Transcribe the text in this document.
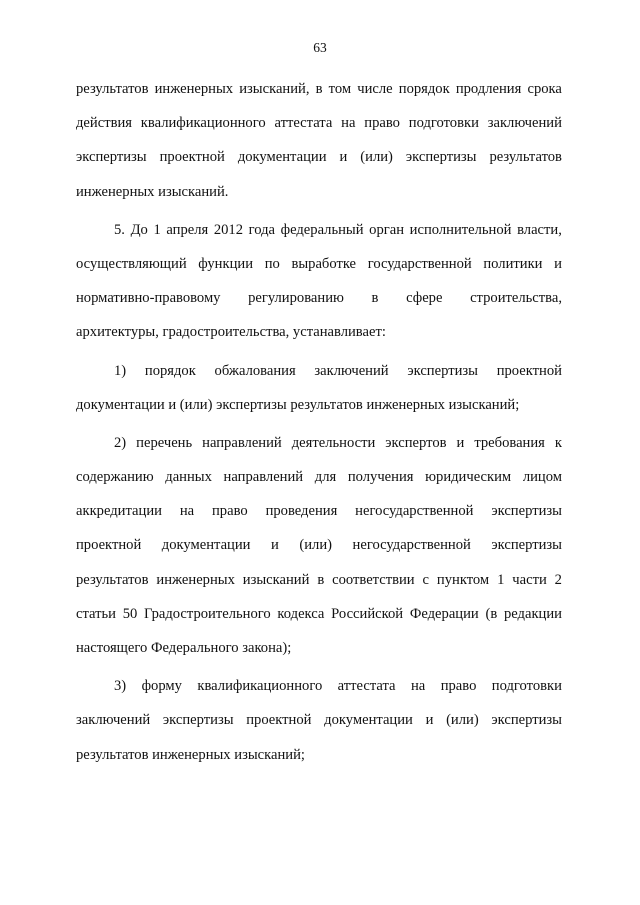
63
результатов инженерных изысканий, в том числе порядок продления срока
действия квалификационного аттестата на право подготовки заключений
экспертизы проектной документации и (или) экспертизы результатов
инженерных изысканий.
5. До 1 апреля 2012 года федеральный орган исполнительной власти,
осуществляющий функции по выработке государственной политики и
нормативно-правовому регулированию в сфере строительства,
архитектуры, градостроительства, устанавливает:
1) порядок обжалования заключений экспертизы проектной
документации и (или) экспертизы результатов инженерных изысканий;
2) перечень направлений деятельности экспертов и требования к
содержанию данных направлений для получения юридическим лицом
аккредитации на право проведения негосударственной экспертизы
проектной документации и (или) негосударственной экспертизы
результатов инженерных изысканий в соответствии с пунктом 1 части 2
статьи 50 Градостроительного кодекса Российской Федерации (в редакции
настоящего Федерального закона);
3) форму квалификационного аттестата на право подготовки
заключений экспертизы проектной документации и (или) экспертизы
результатов инженерных изысканий;
